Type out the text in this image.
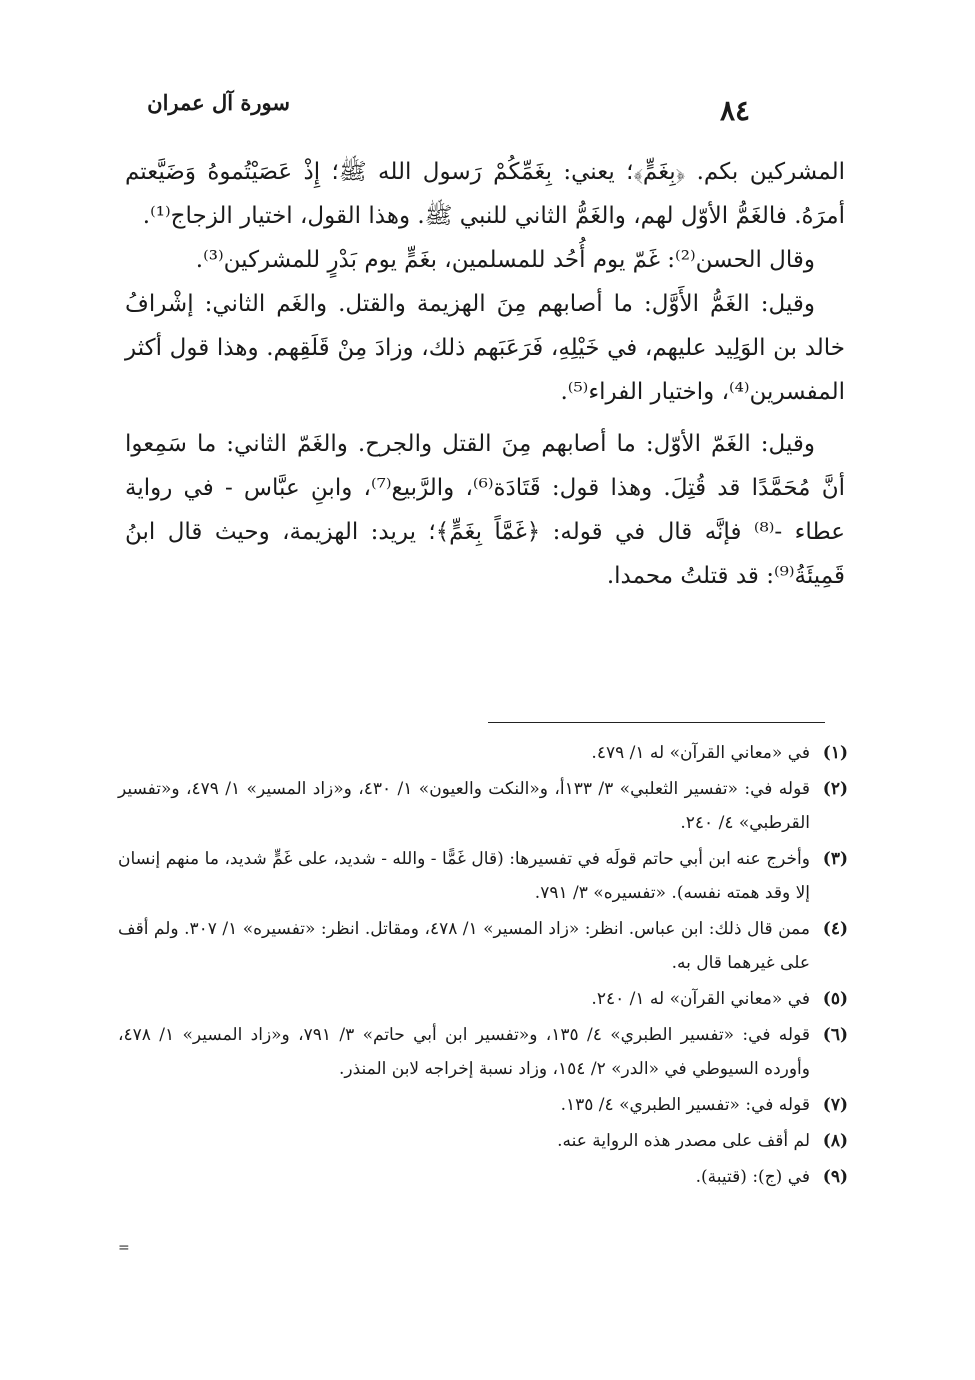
سورة آل عمران	٨٤

المشركين بكم. ﴿بِغَمٍّ﴾؛ يعني: بِغَمِّكُمْ رَسول الله ﷺ؛ إِذْ عَصَيْتُموهُ وَضَيَّعتم أمرَهُ. فالغَمُّ الأوّل لهم، والغَمُّ الثاني للنبي ﷺ. وهذا القول، اختيار الزجاج⁽¹⁾.

وقال الحسن⁽²⁾: غَمّ يوم أُحُد للمسلمين، بغَمٍّ يوم بَدْرٍ للمشركين⁽³⁾.

وقيل: الغَمُّ الأَوَّل: ما أصابهم مِنَ الهزيمة والقتل. والغَم الثاني: إشْرافُ خالد بن الوَلِيد عليهم، في خَيْلِهِ، فَرَعَبَهم ذلك، وزادَ مِنْ قَلَقِهم. وهذا قول أكثر المفسرين⁽⁴⁾، واختيار الفراء⁽⁵⁾.

وقيل: الغَمّ الأوّل: ما أصابهم مِنَ القتل والجرح. والغَمّ الثاني: ما سَمِعوا أنَّ مُحَمَّدًا قد قُتِلَ. وهذا قول: قَتَادَة⁽⁶⁾، والرَّبيع⁽⁷⁾، وابنِ عبَّاس - في رواية عطاء -⁽⁸⁾ فإنَّه قال في قوله: ﴿غَمَّاً بِغَمٍّ﴾؛ يريد: الهزيمة، وحيث قال ابنُ قَمِيئَةُ⁽⁹⁾: قد قتلتُ محمدا.

(١)
في «معاني القرآن» له ١/ ٤٧٩.
(٢)
قوله في: «تفسير الثعلبي» ٣/ ١٣٣أ، و«النكت والعيون» ١/ ٤٣٠، و«زاد المسير» ١/ ٤٧٩، و«تفسير القرطبي» ٤/ ٢٤٠.
(٣)
وأخرج عنه ابن أبي حاتم قولَه في تفسيرها: (قال غَمًّا - والله - شديد، على غَمٍّ شديد، ما منهم إنسان إلا وقد همته نفسه). «تفسيره» ٣/ ٧٩١.
(٤)
ممن قال ذلك: ابن عباس. انظر: «زاد المسير» ١/ ٤٧٨، ومقاتل. انظر: «تفسيره» ١/ ٣٠٧. ولم أقف على غيرهما قال به.
(٥)
في «معاني القرآن» له ١/ ٢٤٠.
(٦)
قوله في: «تفسير الطبري» ٤/ ١٣٥، و«تفسير ابن أبي حاتم» ٣/ ٧٩١، و«زاد المسير» ١/ ٤٧٨، وأورده السيوطي في «الدر» ٢/ ١٥٤، وزاد نسبة إخراجه لابن المنذر.
(٧)
قوله في: «تفسير الطبري» ٤/ ١٣٥.
(٨)
لم أقف على مصدر هذه الرواية عنه.
(٩)
في (ج): (قتيبة).
=
